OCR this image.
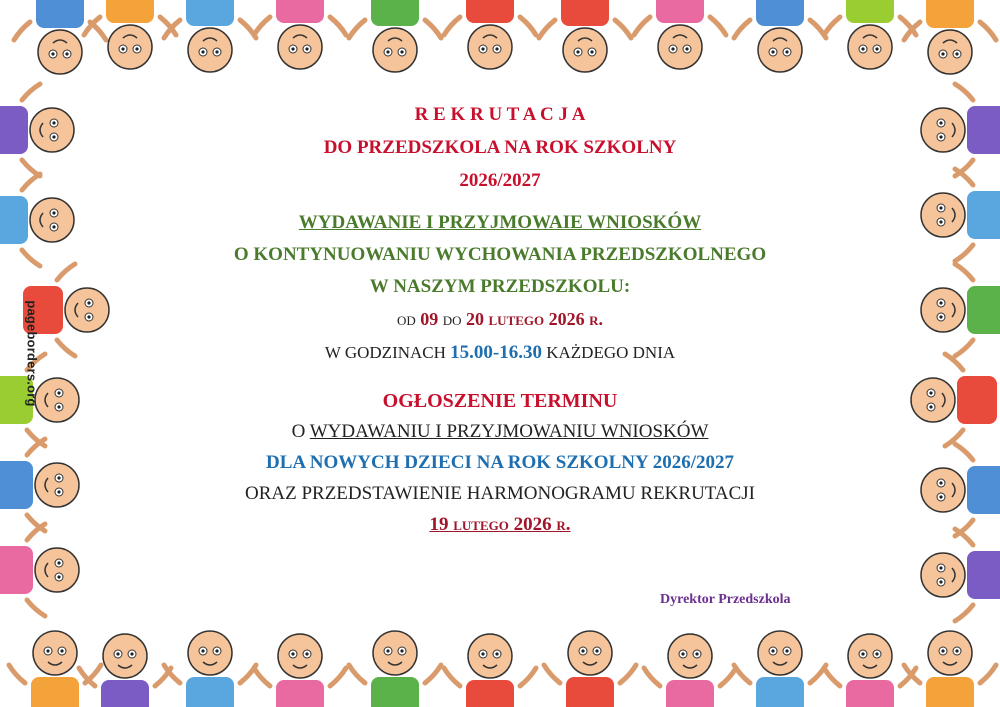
pageborders.org

R E K R U T A C J A

DO PRZEDSZKOLA NA ROK SZKOLNY

2026/2027

WYDAWANIE I PRZYJMOWAIE WNIOSKÓW

O KONTYNUOWANIU WYCHOWANIA PRZEDSZKOLNEGO

W NASZYM PRZEDSZKOLU:

od 09 do 20 lutego 2026 r.

W GODZINACH 15.00-16.30 KAŻDEGO DNIA

OGŁOSZENIE TERMINU

O WYDAWANIU I PRZYJMOWANIU WNIOSKÓW

DLA NOWYCH DZIECI NA ROK SZKOLNY 2026/2027

ORAZ PRZEDSTAWIENIE HARMONOGRAMU REKRUTACJI

19 lutego 2026 r.

Dyrektor Przedszkola
